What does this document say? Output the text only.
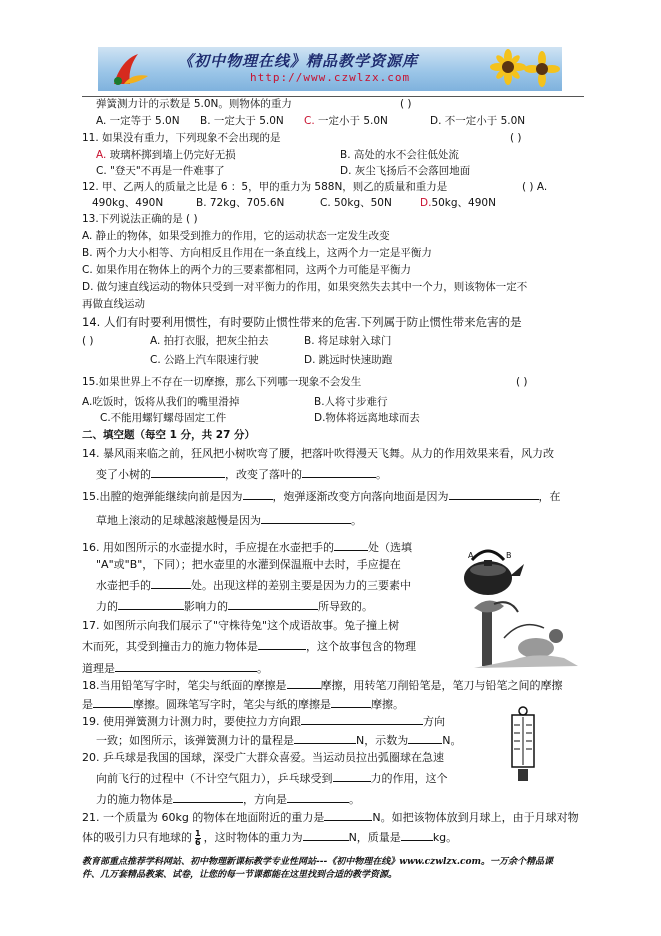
《初中物理在线》精品教学资源库
http://www.czwlzx.com
弹簧测力计的示数是 5.0N。则物体的重力	( )
A. 一定等于 5.0N B. 一定大于 5.0N C. 一定小于 5.0N	D. 不一定小于 5.0N
11. 如果没有重力，下列现象不会出现的是	( )
A. 玻璃杯掷到墙上仍完好无损	B. 高处的水不会往低处流
C. "登天"不再是一件难事了	D. 灰尘飞扬后不会落回地面
12. 甲、乙两人的质量之比是 6 ：5，甲的重力为 588N，则乙的质量和重力是	( ) A.
490kg、490N	B. 72kg、705.6N	C. 50kg、50N	D.50kg、490N
13.下列说法正确的是 ( )
A. 静止的物体，如果受到推力的作用，它的运动状态一定发生改变
B. 两个力大小相等、方向相反且作用在一条直线上，这两个力一定是平衡力
C. 如果作用在物体上的两个力的三要素都相同，这两个力可能是平衡力
D. 做匀速直线运动的物体只受到一对平衡力的作用，如果突然失去其中一个力，则该物体一定不
再做直线运动
14. 人们有时要利用惯性，有时要防止惯性带来的危害.下列属于防止惯性带来危害的是
( )	A. 拍打衣服，把灰尘拍去	B. 将足球射入球门
C. 公路上汽车限速行驶	D. 跳远时快速助跑
15.如果世界上不存在一切摩擦，那么下列哪一现象不会发生	( )
A.吃饭时，饭将从我们的嘴里滑掉	B.人将寸步难行
C.不能用螺钉螺母固定工件	D.物体将远离地球而去
二、填空题（每空 1 分，共 27 分）
14. 暴风雨来临之前，狂风把小树吹弯了腰，把落叶吹得漫天飞舞。从力的作用效果来看，风力改
变了小树的	，改变了落叶的	。
15.出膛的炮弹能继续向前是因为	，炮弹逐渐改变方向落向地面是因为	，在
草地上滚动的足球越滚越慢是因为	。
16. 用如图所示的水壶提水时，手应提在水壶把手的	处（选填
"A"或"B"，下同）；把水壶里的水灌到保温瓶中去时，手应提在
水壶把手的	处。出现这样的差别主要是因为力的三要素中
力的	影响力的	所导致的。
17. 如图所示向我们展示了"守株待兔"这个成语故事。兔子撞上树
木而死，其受到撞击力的施力物体是	，这个故事包含的物理
道理是	。
18.当用铅笔写字时，笔尖与纸面的摩擦是	摩擦，用转笔刀削铅笔是，笔刀与铅笔之间的摩擦
是	摩擦。圆珠笔写字时，笔尖与纸的摩擦是	摩擦。
19. 使用弹簧测力计测力时，要使拉力方向跟	方向
一致；如图所示，该弹簧测力计的量程是	N，示数为	N。
20. 乒乓球是我国的国球，深受广大群众喜爱。当运动员拉出弧圈球在急速
向前飞行的过程中（不计空气阻力），乒乓球受到	力的作用，这个
力的施力物体是	，方向是	。
21. 一个质量为 60kg 的物体在地面附近的重力是	N。如把该物体放到月球上，由于月球对物
体的吸引力只有地球的 $\frac{1}{6}$ ，这时物体的重力为	N，质量是	kg。
A	B
教育部重点推荐学科网站、初中物理新课标教学专业性网站---《初中物理在线》www.czwlzx.com。一万余个精品课
件、几万套精品教案、试卷，让您的每一节课都能在这里找到合适的教学资源。
